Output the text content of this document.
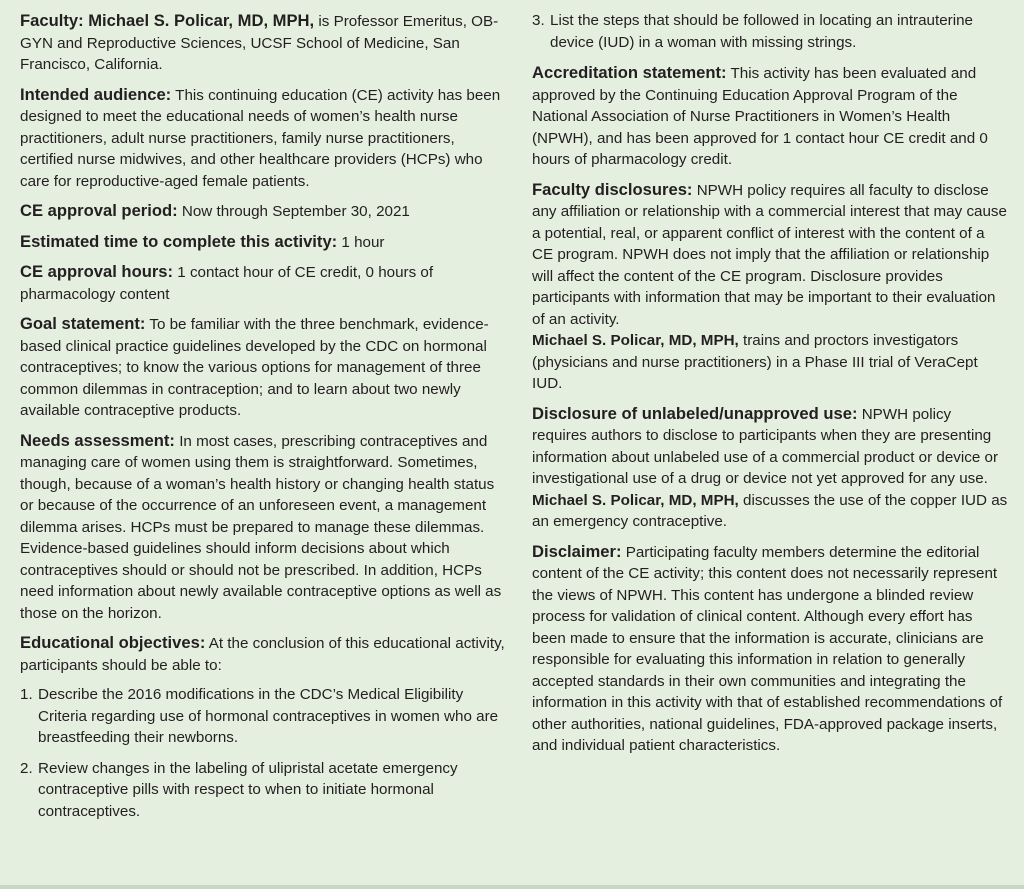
Faculty: Michael S. Policar, MD, MPH, is Professor Emeritus, OB-GYN and Reproductive Sciences, UCSF School of Medicine, San Francisco, California.

Intended audience: This continuing education (CE) activity has been designed to meet the educational needs of women’s health nurse practitioners, adult nurse practitioners, family nurse practitioners, certified nurse midwives, and other healthcare providers (HCPs) who care for reproductive-aged female patients.

CE approval period: Now through September 30, 2021

Estimated time to complete this activity: 1 hour

CE approval hours: 1 contact hour of CE credit, 0 hours of pharmacology content

Goal statement: To be familiar with the three benchmark, evidence-based clinical practice guidelines developed by the CDC on hormonal contraceptives; to know the various options for management of three common dilemmas in contraception; and to learn about two newly available contraceptive products.

Needs assessment: In most cases, prescribing contraceptives and managing care of women using them is straightforward. Sometimes, though, because of a woman’s health history or changing health status or because of the occurrence of an unforeseen event, a management dilemma arises. HCPs must be prepared to manage these dilemmas. Evidence-based guidelines should inform decisions about which contraceptives should or should not be prescribed. In addition, HCPs need information about newly available contraceptive options as well as those on the horizon.

Educational objectives: At the conclusion of this educational activity, participants should be able to:

1. Describe the 2016 modifications in the CDC’s Medical Eligibility Criteria regarding use of hormonal contraceptives in women who are breastfeeding their newborns.

2. Review changes in the labeling of ulipristal acetate emergency contraceptive pills with respect to when to initiate hormonal contraceptives.

3. List the steps that should be followed in locating an intrauterine device (IUD) in a woman with missing strings.

Accreditation statement: This activity has been evaluated and approved by the Continuing Education Approval Program of the National Association of Nurse Practitioners in Women’s Health (NPWH), and has been approved for 1 contact hour CE credit and 0 hours of pharmacology credit.

Faculty disclosures: NPWH policy requires all faculty to disclose any affiliation or relationship with a commercial interest that may cause a potential, real, or apparent conflict of interest with the content of a CE program. NPWH does not imply that the affiliation or relationship will affect the content of the CE program. Disclosure provides participants with information that may be important to their evaluation of an activity.
Michael S. Policar, MD, MPH, trains and proctors investigators (physicians and nurse practitioners) in a Phase III trial of VeraCept IUD.

Disclosure of unlabeled/unapproved use: NPWH policy requires authors to disclose to participants when they are presenting information about unlabeled use of a commercial product or device or investigational use of a drug or device not yet approved for any use.
Michael S. Policar, MD, MPH, discusses the use of the copper IUD as an emergency contraceptive.

Disclaimer: Participating faculty members determine the editorial content of the CE activity; this content does not necessarily represent the views of NPWH. This content has undergone a blinded review process for validation of clinical content. Although every effort has been made to ensure that the information is accurate, clinicians are responsible for evaluating this information in relation to generally accepted standards in their own communities and integrating the information in this activity with that of established recommendations of other authorities, national guidelines, FDA-approved package inserts, and individual patient characteristics.
